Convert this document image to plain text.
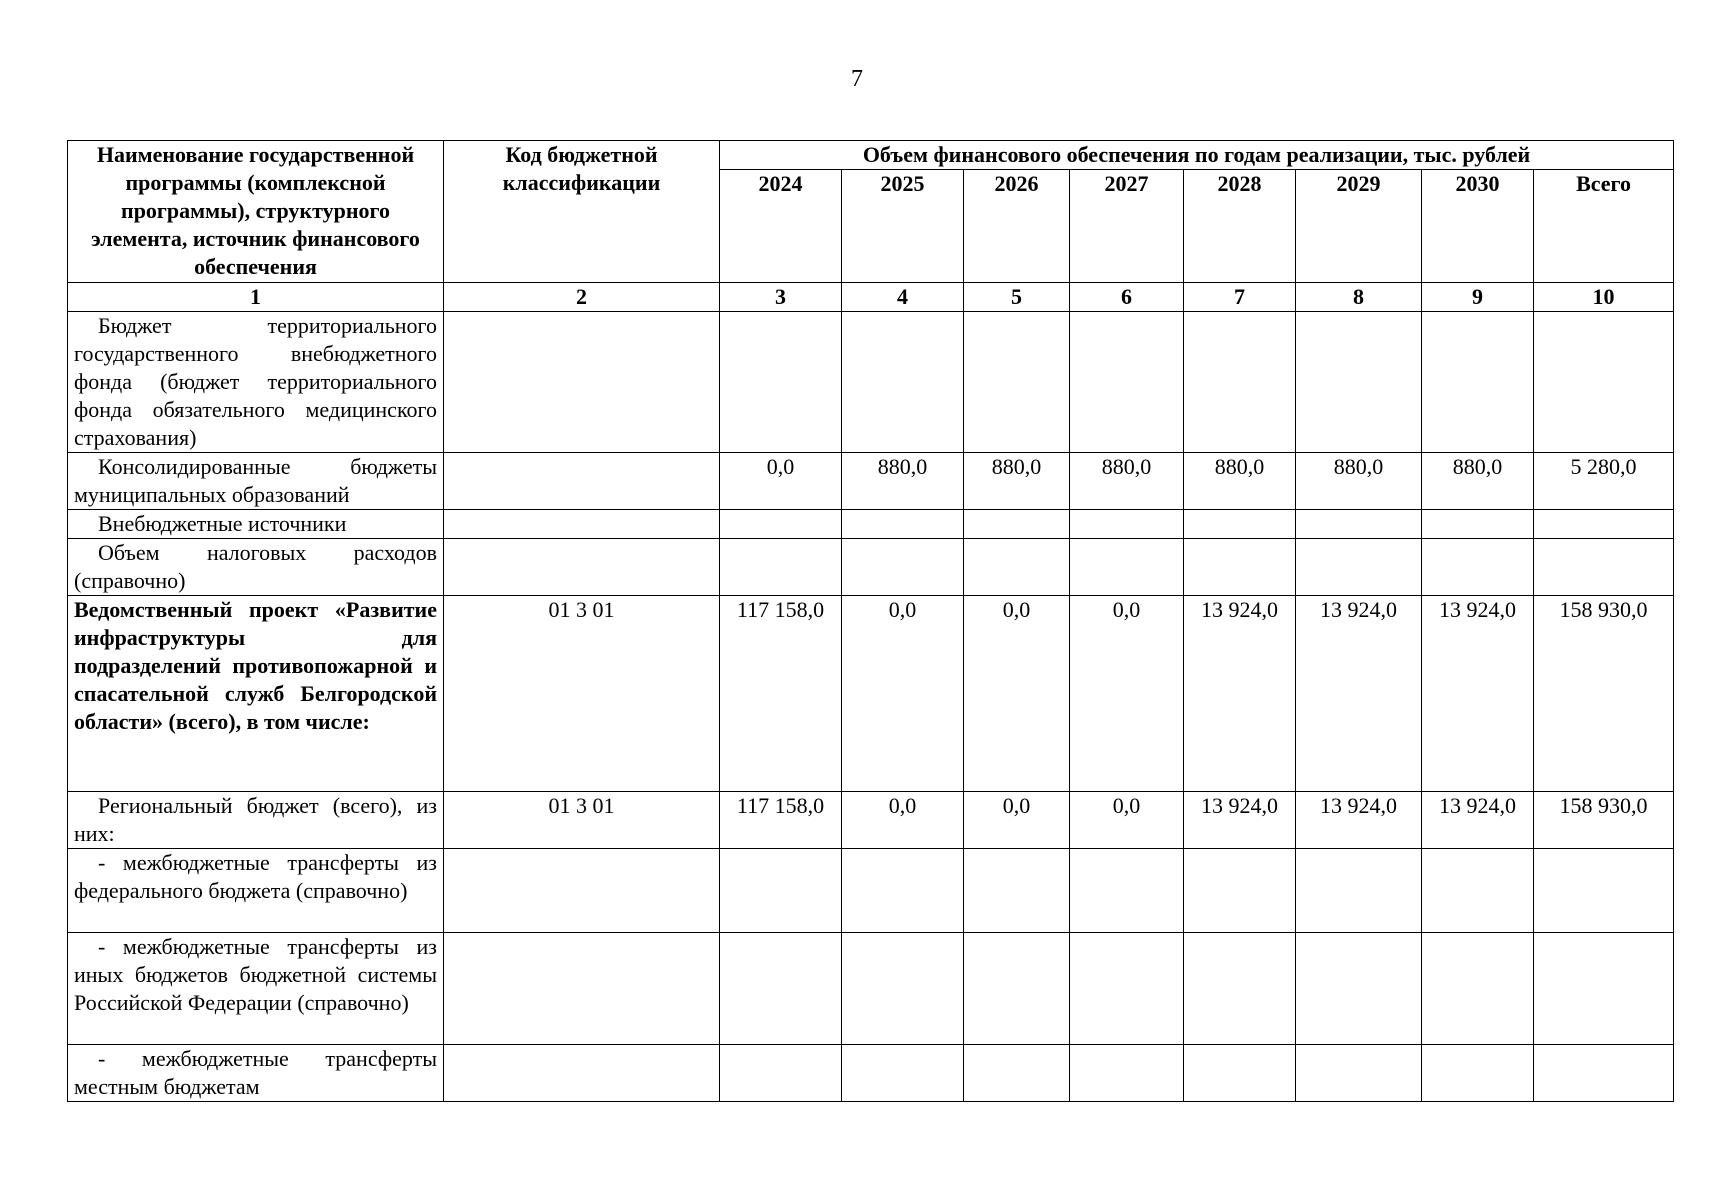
7
Наименование государственной программы (комплексной программы), структурного элемента, источник финансового обеспечения	Код бюджетной классификации	Объем финансового обеспечения по годам реализации, тыс. рублей							
		2024	2025	2026	2027	2028	2029	2030	Всего
1	2	3	4	5	6	7	8	9	10
Бюджет территориального государственного внебюджетного фонда (бюджет территориального фонда обязательного медицинского страхования)									
Консолидированные бюджеты муниципальных образований		0,0	880,0	880,0	880,0	880,0	880,0	880,0	5 280,0
Внебюджетные источники									
Объем налоговых расходов (справочно)									
Ведомственный проект «Развитие инфраструктуры для подразделений противопожарной и спасательной служб Белгородской области» (всего), в том числе:	01 3 01	117 158,0	0,0	0,0	0,0	13 924,0	13 924,0	13 924,0	158 930,0
Региональный бюджет (всего), из них:	01 3 01	117 158,0	0,0	0,0	0,0	13 924,0	13 924,0	13 924,0	158 930,0
- межбюджетные трансферты из федерального бюджета (справочно)									
- межбюджетные трансферты из иных бюджетов бюджетной системы Российской Федерации (справочно)									
- межбюджетные трансферты местным бюджетам									
